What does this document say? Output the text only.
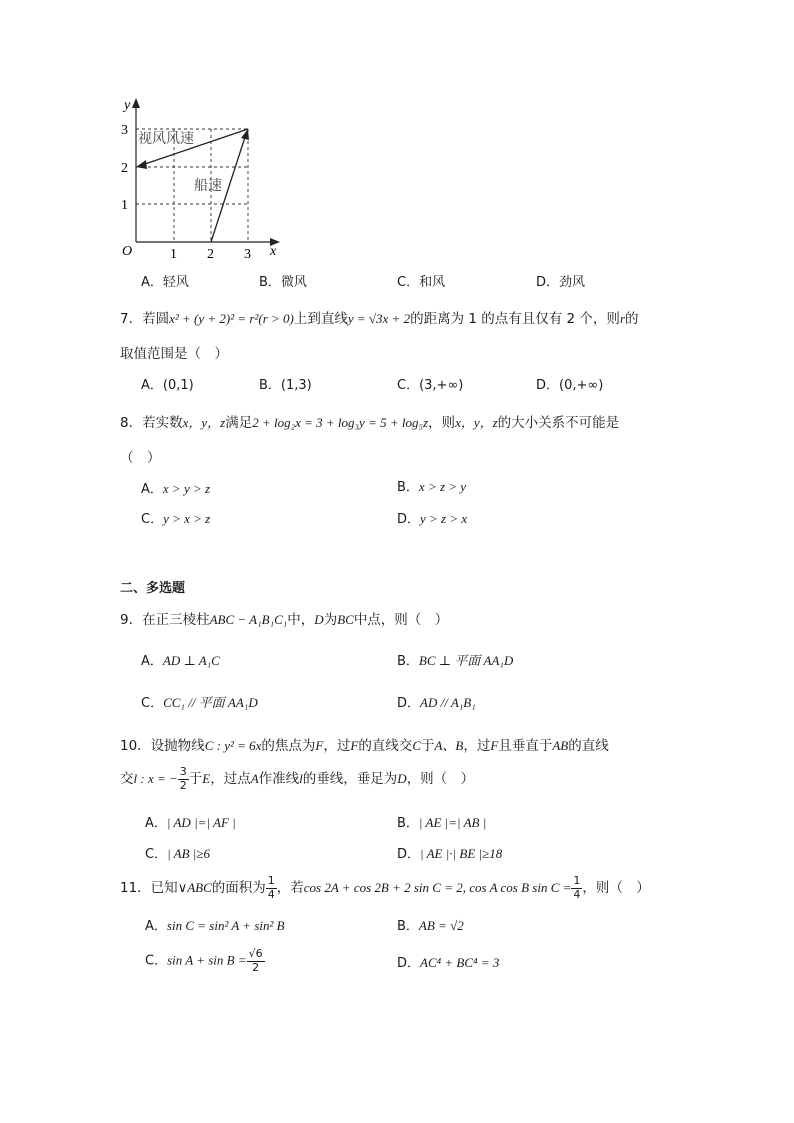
y
x
O	1 2 3
3
2
1
视风风速
船速
A．轻风	B．微风	C．和风	D．劲风
7．若圆x² + (y + 2)² = r²(r > 0)上到直线y = √3x + 2的距离为 1 的点有且仅有 2 个，则r的
取值范围是（　）
A．(0,1)	B．(1,3)	C．(3,+∞)	D．(0,+∞)
8．若实数x，y，z满足2 + log₂x = 3 + log₃y = 5 + log₅z，则x，y，z的大小关系不可能是
（　）
A．x > y > z	B．x > z > y
C．y > x > z	D．y > z > x
二、多选题
9．在正三棱柱ABC − A₁B₁C₁中，D为BC中点，则（　）
A．AD ⊥ A₁C	B．BC ⊥ 平面 AA₁D
C．CC₁ // 平面 AA₁D	D．AD // A₁B₁
10．设抛物线C : y² = 6x的焦点为F，过F的直线交C于A、B，过F且垂直于AB的直线
交l : x = − $\frac{3}{2}$ 于E，过点A作准线l的垂线，垂足为D，则（　）
A．| AD |=| AF |	B．| AE |=| AB |
C．| AB |≥6	D．| AE |·| BE |≥18
11．已知∨ABC的面积为 $\frac{1}{4}$ ，若cos 2A + cos 2B + 2 sin C = 2, cos A cos B $\sin C = \frac{1}{4}$ ，则（　）
A．sin C = sin² A + sin² B	B．AB = √2
C．$\sin A + \sin B = \frac{√6}{2}$	D．AC⁴ + BC⁴ = 3
